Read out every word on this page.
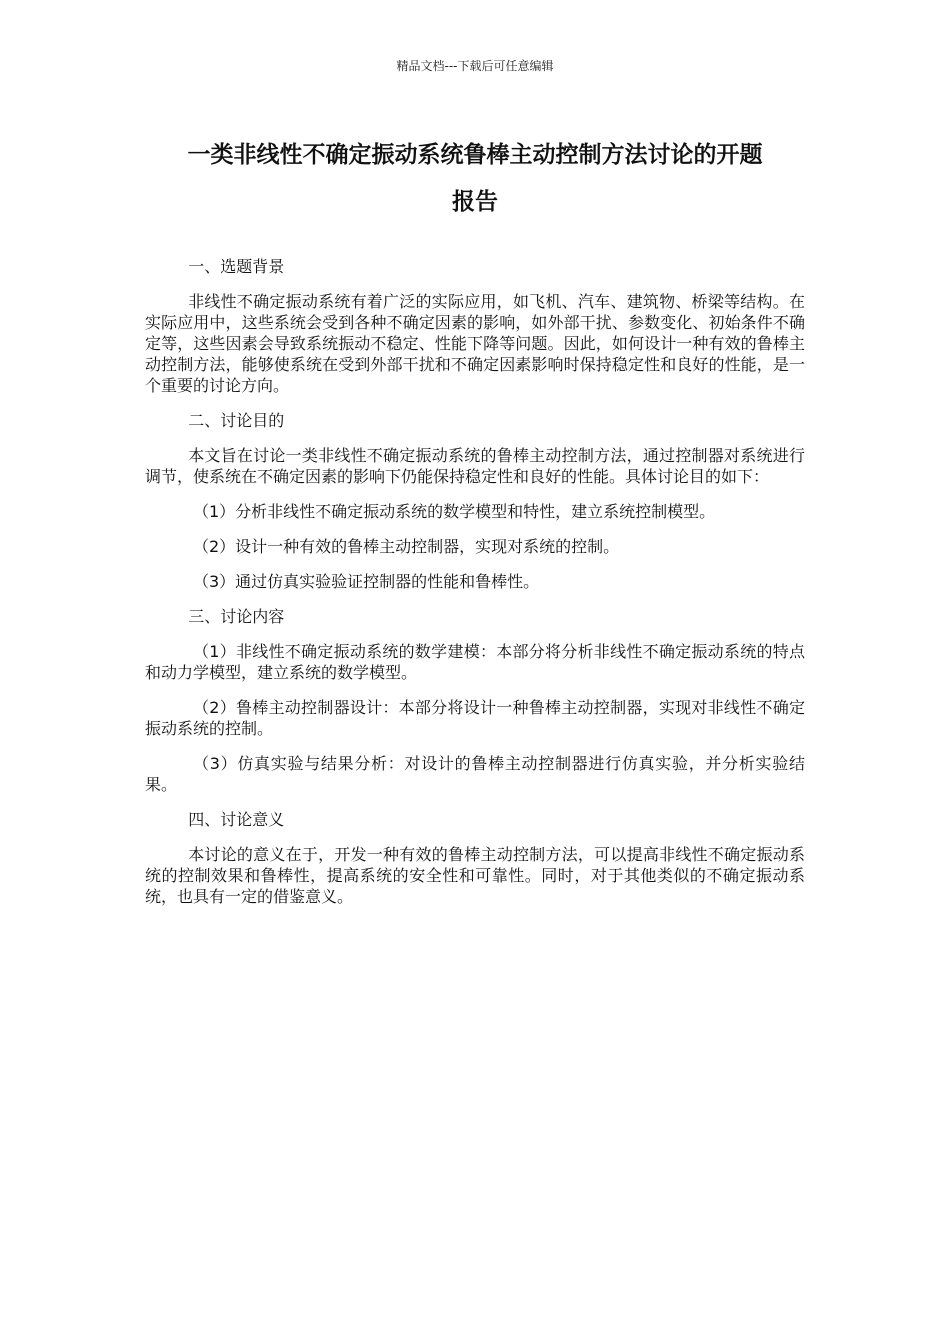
精品文档---下载后可任意编辑
一类非线性不确定振动系统鲁棒主动控制方法讨论的开题
报告

一、选题背景

非线性不确定振动系统有着广泛的实际应用，如飞机、汽车、建筑物、桥梁等结构。在实际应用中，这些系统会受到各种不确定因素的影响，如外部干扰、参数变化、初始条件不确定等，这些因素会导致系统振动不稳定、性能下降等问题。因此，如何设计一种有效的鲁棒主动控制方法，能够使系统在受到外部干扰和不确定因素影响时保持稳定性和良好的性能，是一个重要的讨论方向。

二、讨论目的

本文旨在讨论一类非线性不确定振动系统的鲁棒主动控制方法，通过控制器对系统进行调节，使系统在不确定因素的影响下仍能保持稳定性和良好的性能。具体讨论目的如下：

（1）分析非线性不确定振动系统的数学模型和特性，建立系统控制模型。

（2）设计一种有效的鲁棒主动控制器，实现对系统的控制。

（3）通过仿真实验验证控制器的性能和鲁棒性。

三、讨论内容

（1）非线性不确定振动系统的数学建模：本部分将分析非线性不确定振动系统的特点和动力学模型，建立系统的数学模型。

（2）鲁棒主动控制器设计：本部分将设计一种鲁棒主动控制器，实现对非线性不确定振动系统的控制。

（3）仿真实验与结果分析：对设计的鲁棒主动控制器进行仿真实验，并分析实验结果。

四、讨论意义

本讨论的意义在于，开发一种有效的鲁棒主动控制方法，可以提高非线性不确定振动系统的控制效果和鲁棒性，提高系统的安全性和可靠性。同时，对于其他类似的不确定振动系统，也具有一定的借鉴意义。
